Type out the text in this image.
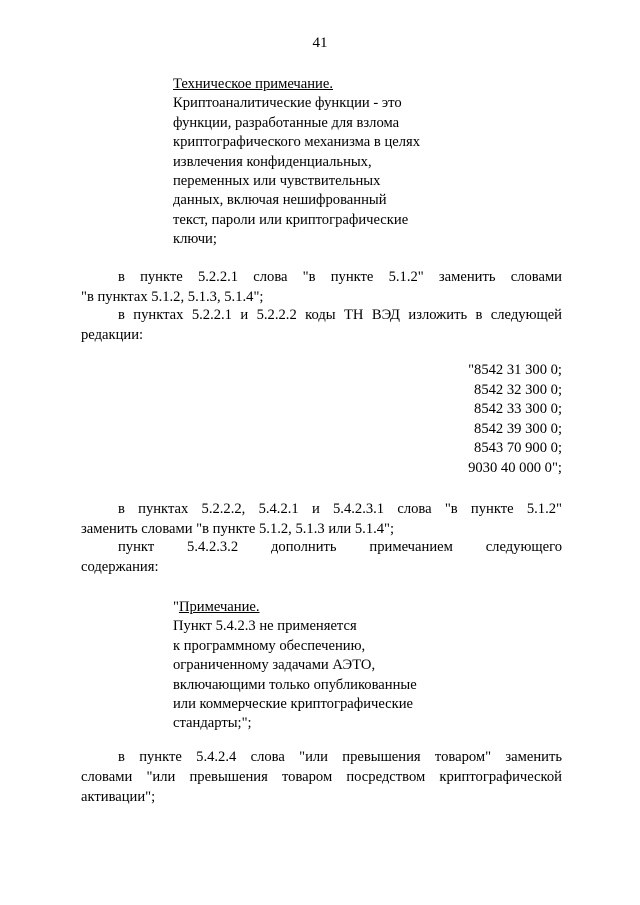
41
Техническое примечание.
Криптоаналитические функции - это
функции, разработанные для взлома
криптографического механизма в целях
извлечения конфиденциальных,
переменных или чувствительных
данных, включая нешифрованный
текст, пароли или криптографические
ключи;
в пункте 5.2.2.1 слова "в пункте 5.1.2" заменить словами
"в пунктах 5.1.2, 5.1.3, 5.1.4";
в пунктах 5.2.2.1 и 5.2.2.2 коды ТН ВЭД изложить в следующей
редакции:
"8542 31 300 0;
8542 32 300 0;
8542 33 300 0;
8542 39 300 0;
8543 70 900 0;
9030 40 000 0";
в пунктах 5.2.2.2, 5.4.2.1 и 5.4.2.3.1 слова "в пункте 5.1.2"
заменить словами "в пункте 5.1.2, 5.1.3 или 5.1.4";
пункт 5.4.2.3.2 дополнить примечанием следующего
содержания:
"Примечание.
Пункт 5.4.2.3 не применяется
к программному обеспечению,
ограниченному задачами АЭТО,
включающими только опубликованные
или коммерческие криптографические
стандарты;";
в пункте 5.4.2.4 слова "или превышения товаром" заменить
словами "или превышения товаром посредством криптографической
активации";
